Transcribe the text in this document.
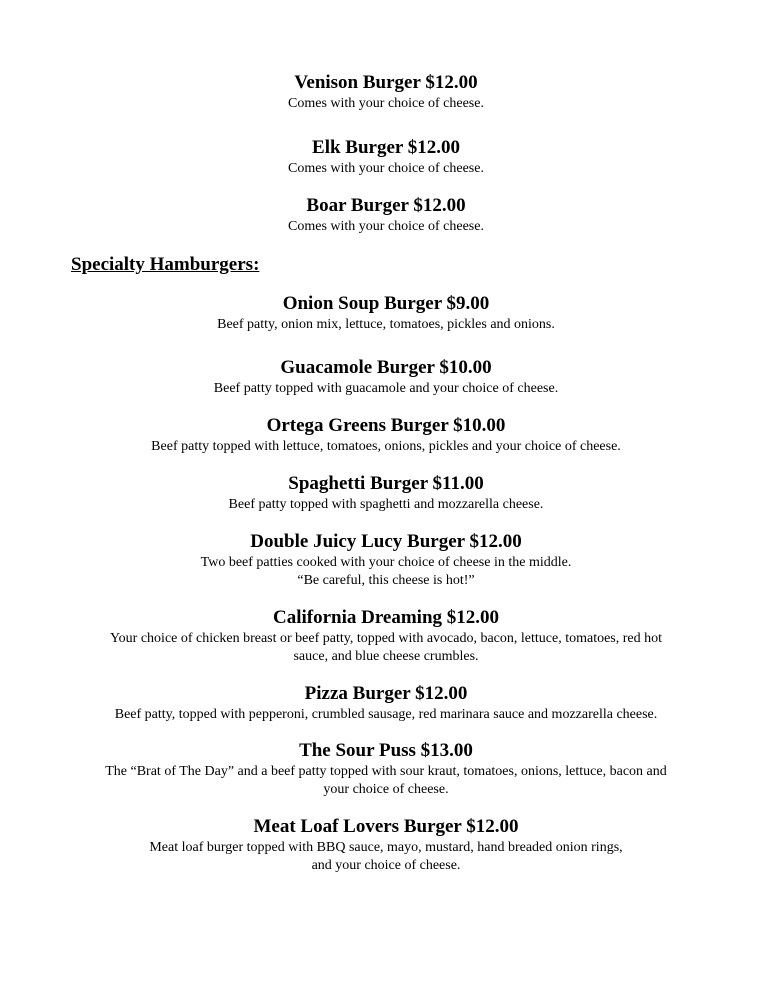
Venison Burger $12.00
Comes with your choice of cheese.
Elk Burger $12.00
Comes with your choice of cheese.
Boar Burger $12.00
Comes with your choice of cheese.
Specialty Hamburgers:
Onion Soup Burger $9.00
Beef patty, onion mix, lettuce, tomatoes, pickles and onions.
Guacamole Burger $10.00
Beef patty topped with guacamole and your choice of cheese.
Ortega Greens Burger $10.00
Beef patty topped with lettuce, tomatoes, onions, pickles and your choice of cheese.
Spaghetti Burger $11.00
Beef patty topped with spaghetti and mozzarella cheese.
Double Juicy Lucy Burger $12.00
Two beef patties cooked with your choice of cheese in the middle.
“Be careful, this cheese is hot!”
California Dreaming $12.00
Your choice of chicken breast or beef patty, topped with avocado, bacon, lettuce, tomatoes, red hot
sauce, and blue cheese crumbles.
Pizza Burger $12.00
Beef patty, topped with pepperoni, crumbled sausage, red marinara sauce and mozzarella cheese.
The Sour Puss $13.00
The “Brat of The Day” and a beef patty topped with sour kraut, tomatoes, onions, lettuce, bacon and
your choice of cheese.
Meat Loaf Lovers Burger $12.00
Meat loaf burger topped with BBQ sauce, mayo, mustard, hand breaded onion rings,
and your choice of cheese.
